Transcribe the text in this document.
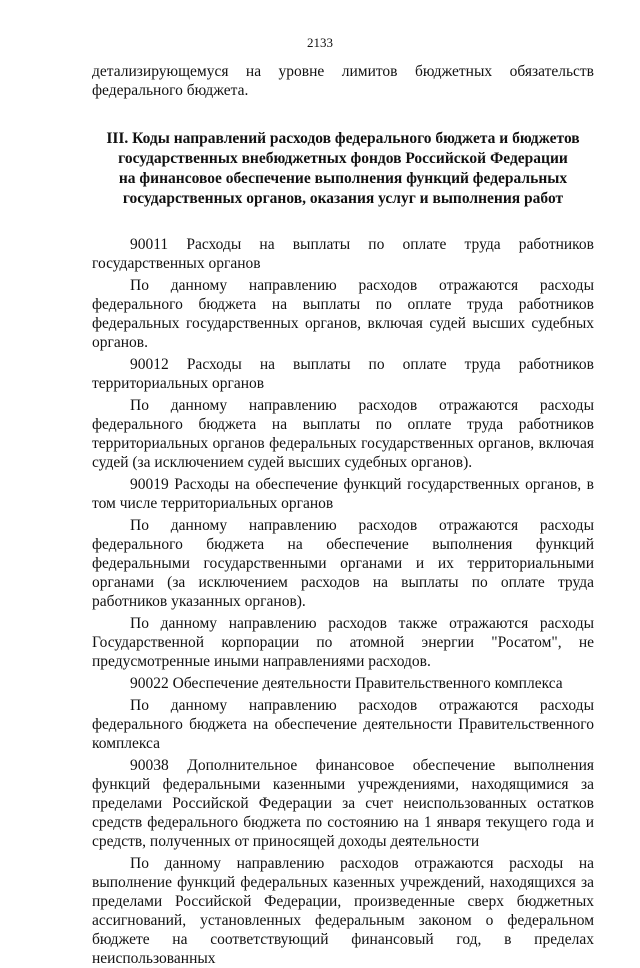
2133

детализирующемуся на уровне лимитов бюджетных обязательств федерального бюджета.

III. Коды направлений расходов федерального бюджета и бюджетов
государственных внебюджетных фондов Российской Федерации
на финансовое обеспечение выполнения функций федеральных
государственных органов, оказания услуг и выполнения работ

90011 Расходы на выплаты по оплате труда работников государственных органов

По данному направлению расходов отражаются расходы федерального бюджета на выплаты по оплате труда работников федеральных государственных органов, включая судей высших судебных органов.

90012 Расходы на выплаты по оплате труда работников территориальных органов

По данному направлению расходов отражаются расходы федерального бюджета на выплаты по оплате труда работников территориальных органов федеральных государственных органов, включая судей (за исключением судей высших судебных органов).

90019 Расходы на обеспечение функций государственных органов, в том числе территориальных органов

По данному направлению расходов отражаются расходы федерального бюджета на обеспечение выполнения функций федеральными государственными органами и их территориальными органами (за исключением расходов на выплаты по оплате труда работников указанных органов).

По данному направлению расходов также отражаются расходы Государственной корпорации по атомной энергии "Росатом", не предусмотренные иными направлениями расходов.

90022 Обеспечение деятельности Правительственного комплекса

По данному направлению расходов отражаются расходы федерального бюджета на обеспечение деятельности Правительственного комплекса

90038 Дополнительное финансовое обеспечение выполнения функций федеральными казенными учреждениями, находящимися за пределами Российской Федерации за счет неиспользованных остатков средств федерального бюджета по состоянию на 1 января текущего года и средств, полученных от приносящей доходы деятельности

По данному направлению расходов отражаются расходы на выполнение функций федеральных казенных учреждений, находящихся за пределами Российской Федерации, произведенные сверх бюджетных ассигнований, установленных федеральным законом о федеральном бюджете на соответствующий финансовый год, в пределах неиспользованных
